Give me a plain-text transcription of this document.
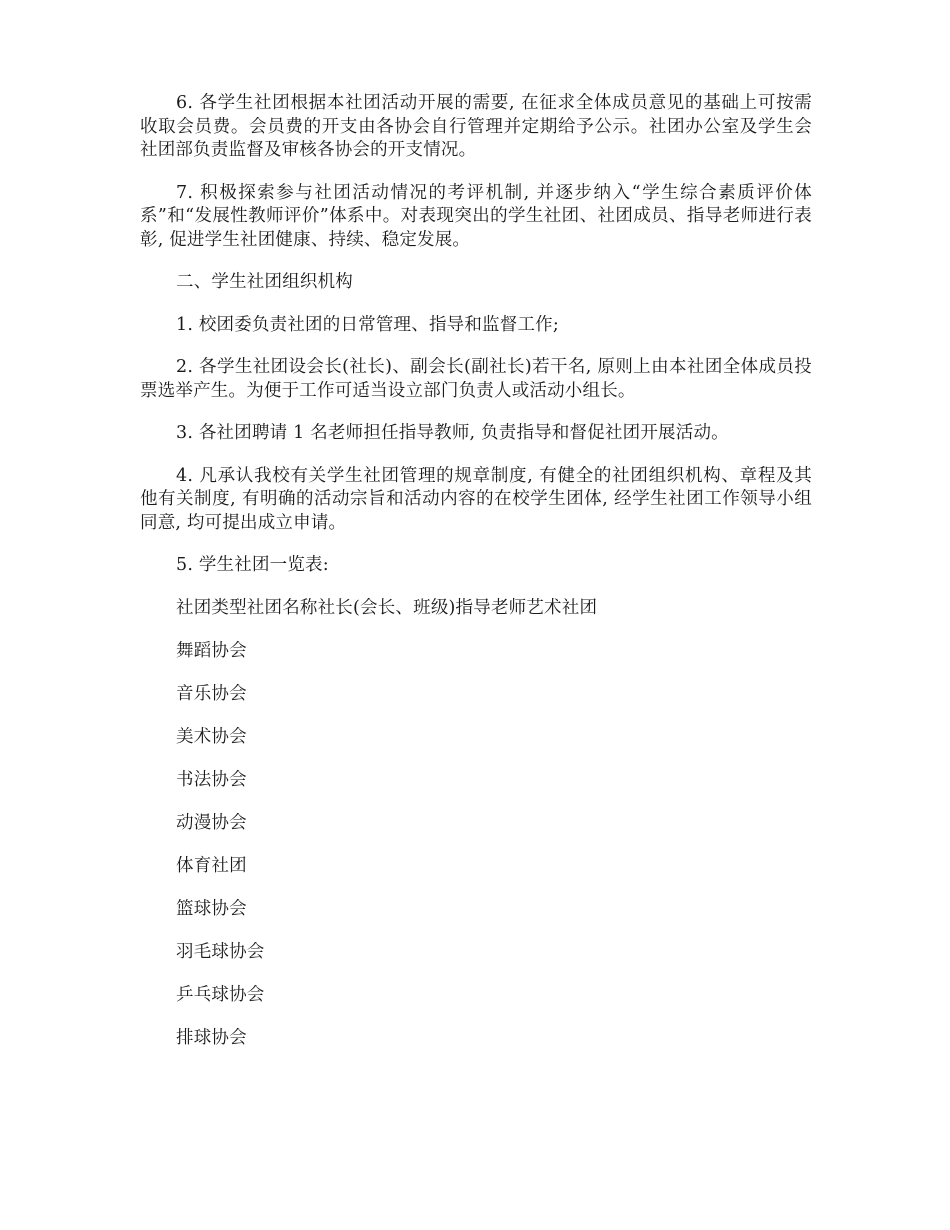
6. 各学生社团根据本社团活动开展的需要, 在征求全体成员意见的基础上可按需收取会员费。会员费的开支由各协会自行管理并定期给予公示。社团办公室及学生会社团部负责监督及审核各协会的开支情况。

7. 积极探索参与社团活动情况的考评机制, 并逐步纳入“学生综合素质评价体系”和“发展性教师评价”体系中。对表现突出的学生社团、社团成员、指导老师进行表彰, 促进学生社团健康、持续、稳定发展。

二、学生社团组织机构

1. 校团委负责社团的日常管理、指导和监督工作;

2. 各学生社团设会长(社长)、副会长(副社长)若干名, 原则上由本社团全体成员投票选举产生。为便于工作可适当设立部门负责人或活动小组长。

3. 各社团聘请 1 名老师担任指导教师, 负责指导和督促社团开展活动。

4. 凡承认我校有关学生社团管理的规章制度, 有健全的社团组织机构、章程及其他有关制度, 有明确的活动宗旨和活动内容的在校学生团体, 经学生社团工作领导小组同意, 均可提出成立申请。

5. 学生社团一览表:

社团类型社团名称社长(会长、班级)指导老师艺术社团

舞蹈协会

音乐协会

美术协会

书法协会

动漫协会

体育社团

篮球协会

羽毛球协会

乒乓球协会

排球协会
